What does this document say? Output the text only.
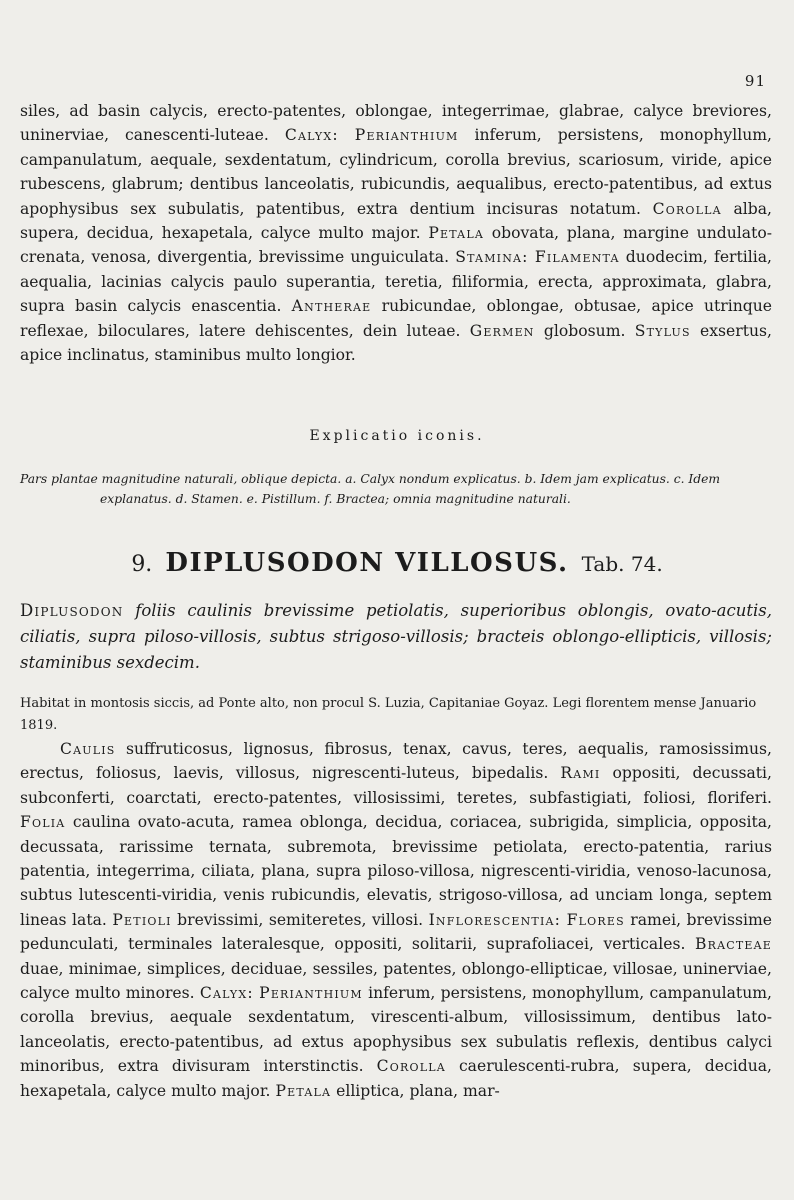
91

siles, ad basin calycis, erecto-patentes, oblongae, integerrimae, glabrae, calyce breviores, uninerviae, canescenti-luteae. Calyx: Perianthium inferum, persistens, monophyllum, campanulatum, aequale, sexdentatum, cylindricum, corolla brevius, scariosum, viride, apice rubescens, glabrum; dentibus lanceolatis, rubicundis, aequalibus, erecto-patentibus, ad extus apophysibus sex subulatis, patentibus, extra dentium incisuras notatum. Corolla alba, supera, decidua, hexapetala, calyce multo major. Petala obovata, plana, margine undulato-crenata, venosa, divergentia, brevissime unguiculata. Stamina: Filamenta duodecim, fertilia, aequalia, lacinias calycis paulo superantia, teretia, filiformia, erecta, approximata, glabra, supra basin calycis enascentia. Antherae rubicundae, oblongae, obtusae, apice utrinque reflexae, biloculares, latere dehiscentes, dein luteae. Germen globosum. Stylus exsertus, apice inclinatus, staminibus multo longior.

Explicatio iconis.

Pars plantae magnitudine naturali, oblique depicta. a. Calyx nondum explicatus. b. Idem jam explicatus. c. Idem explanatus. d. Stamen. e. Pistillum. f. Bractea; omnia magnitudine naturali.

9. DIPLUSODON VILLOSUS. Tab. 74.
Diplusodon foliis caulinis brevissime petiolatis, superioribus oblongis, ovato-acutis, ciliatis, supra piloso-villosis, subtus strigoso-villosis; bracteis oblongo-ellipticis, villosis; staminibus sexdecim.
Habitat in montosis siccis, ad Ponte alto, non procul S. Luzia, Capitaniae Goyaz. Legi florentem mense Januario 1819.

Caulis suffruticosus, lignosus, fibrosus, tenax, cavus, teres, aequalis, ramosissimus, erectus, foliosus, laevis, villosus, nigrescenti-luteus, bipedalis. Rami oppositi, decussati, subconferti, coarctati, erecto-patentes, villosissimi, teretes, subfastigiati, foliosi, floriferi. Folia caulina ovato-acuta, ramea oblonga, decidua, coriacea, subrigida, simplicia, opposita, decussata, rarissime ternata, subremota, brevissime petiolata, erecto-patentia, rarius patentia, integerrima, ciliata, plana, supra piloso-villosa, nigrescenti-viridia, venoso-lacunosa, subtus lutescenti-viridia, venis rubicundis, elevatis, strigoso-villosa, ad unciam longa, septem lineas lata. Petioli brevissimi, semiteretes, villosi. Inflorescentia: Flores ramei, brevissime pedunculati, terminales lateralesque, oppositi, solitarii, suprafoliacei, verticales. Bracteae duae, minimae, simplices, deciduae, sessiles, patentes, oblongo-ellipticae, villosae, uninerviae, calyce multo minores. Calyx: Perianthium inferum, persistens, monophyllum, campanulatum, corolla brevius, aequale sexdentatum, virescenti-album, villosissimum, dentibus lato-lanceolatis, erecto-patentibus, ad extus apophysibus sex subulatis reflexis, dentibus calyci minoribus, extra divisuram interstinctis. Corolla caerulescenti-rubra, supera, decidua, hexapetala, calyce multo major. Petala elliptica, plana, mar-
